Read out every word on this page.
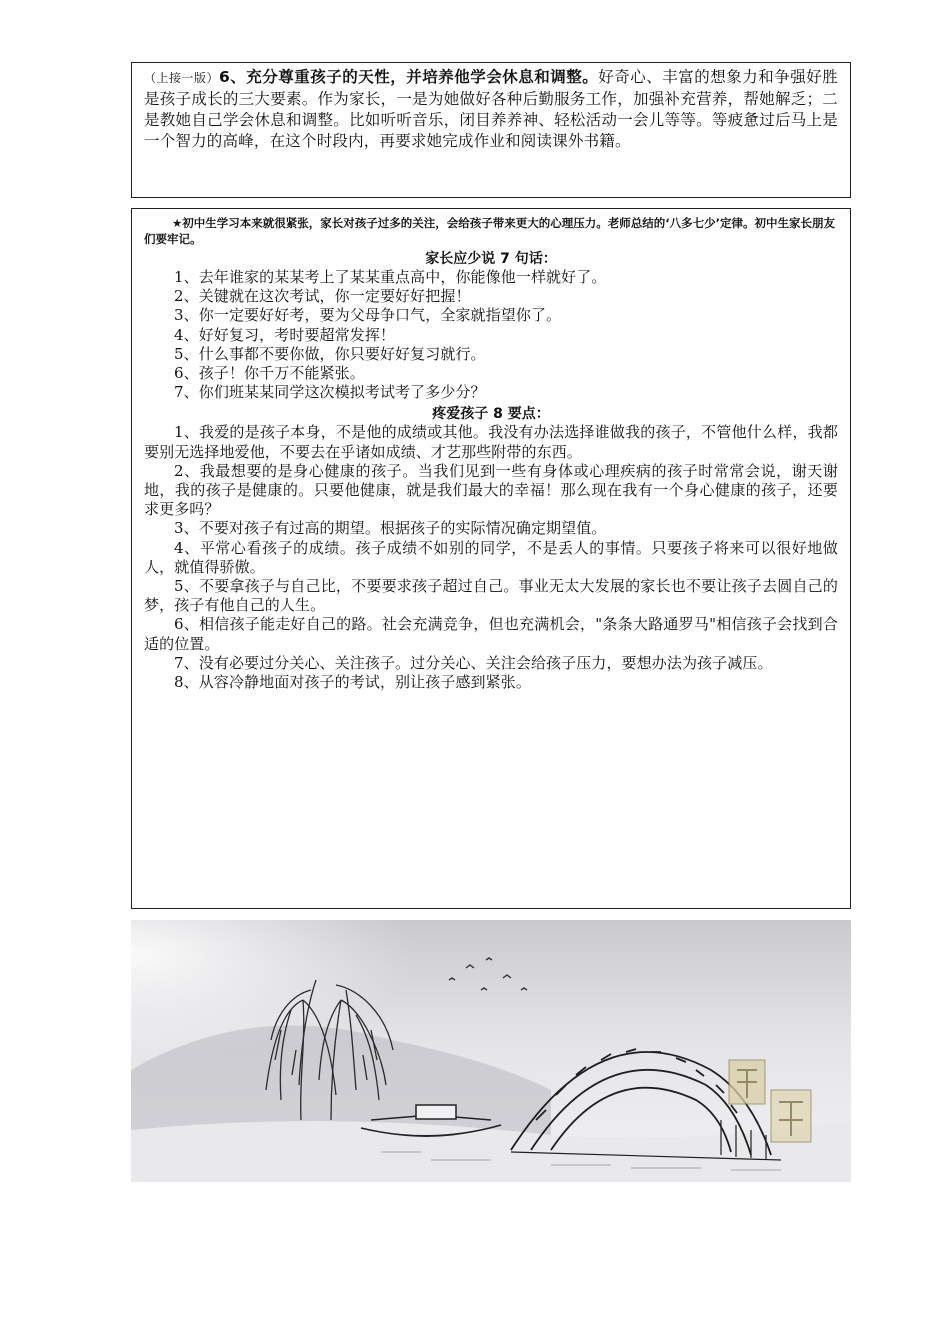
（上接一版）6、充分尊重孩子的天性，并培养他学会休息和调整。好奇心、丰富的想象力和争强好胜是孩子成长的三大要素。作为家长，一是为她做好各种后勤服务工作，加强补充营养，帮她解乏；二是教她自己学会休息和调整。比如听听音乐，闭目养养神、轻松活动一会儿等等。等疲惫过后马上是一个智力的高峰，在这个时段内，再要求她完成作业和阅读课外书籍。

★初中生学习本来就很紧张，家长对孩子过多的关注，会给孩子带来更大的心理压力。老师总结的‘八多七少’定律。初中生家长朋友们要牢记。

家长应少说 7 句话：

1、去年谁家的某某考上了某某重点高中，你能像他一样就好了。

2、关键就在这次考试，你一定要好好把握！

3、你一定要好好考，要为父母争口气，全家就指望你了。

4、好好复习，考时要超常发挥！

5、什么事都不要你做，你只要好好复习就行。

6、孩子！你千万不能紧张。

7、你们班某某同学这次模拟考试考了多少分？

疼爱孩子 8 要点：

1、我爱的是孩子本身，不是他的成绩或其他。我没有办法选择谁做我的孩子，不管他什么样，我都要别无选择地爱他，不要去在乎诸如成绩、才艺那些附带的东西。

2、我最想要的是身心健康的孩子。当我们见到一些有身体或心理疾病的孩子时常常会说，谢天谢地，我的孩子是健康的。只要他健康，就是我们最大的幸福！那么现在我有一个身心健康的孩子，还要求更多吗？

3、不要对孩子有过高的期望。根据孩子的实际情况确定期望值。

4、平常心看孩子的成绩。孩子成绩不如别的同学，不是丢人的事情。只要孩子将来可以很好地做人，就值得骄傲。

5、不要拿孩子与自己比，不要要求孩子超过自己。事业无太大发展的家长也不要让孩子去圆自己的梦，孩子有他自己的人生。

6、相信孩子能走好自己的路。社会充满竞争，但也充满机会，"条条大路通罗马"相信孩子会找到合适的位置。

7、没有必要过分关心、关注孩子。过分关心、关注会给孩子压力，要想办法为孩子减压。

8、从容冷静地面对孩子的考试，别让孩子感到紧张。
